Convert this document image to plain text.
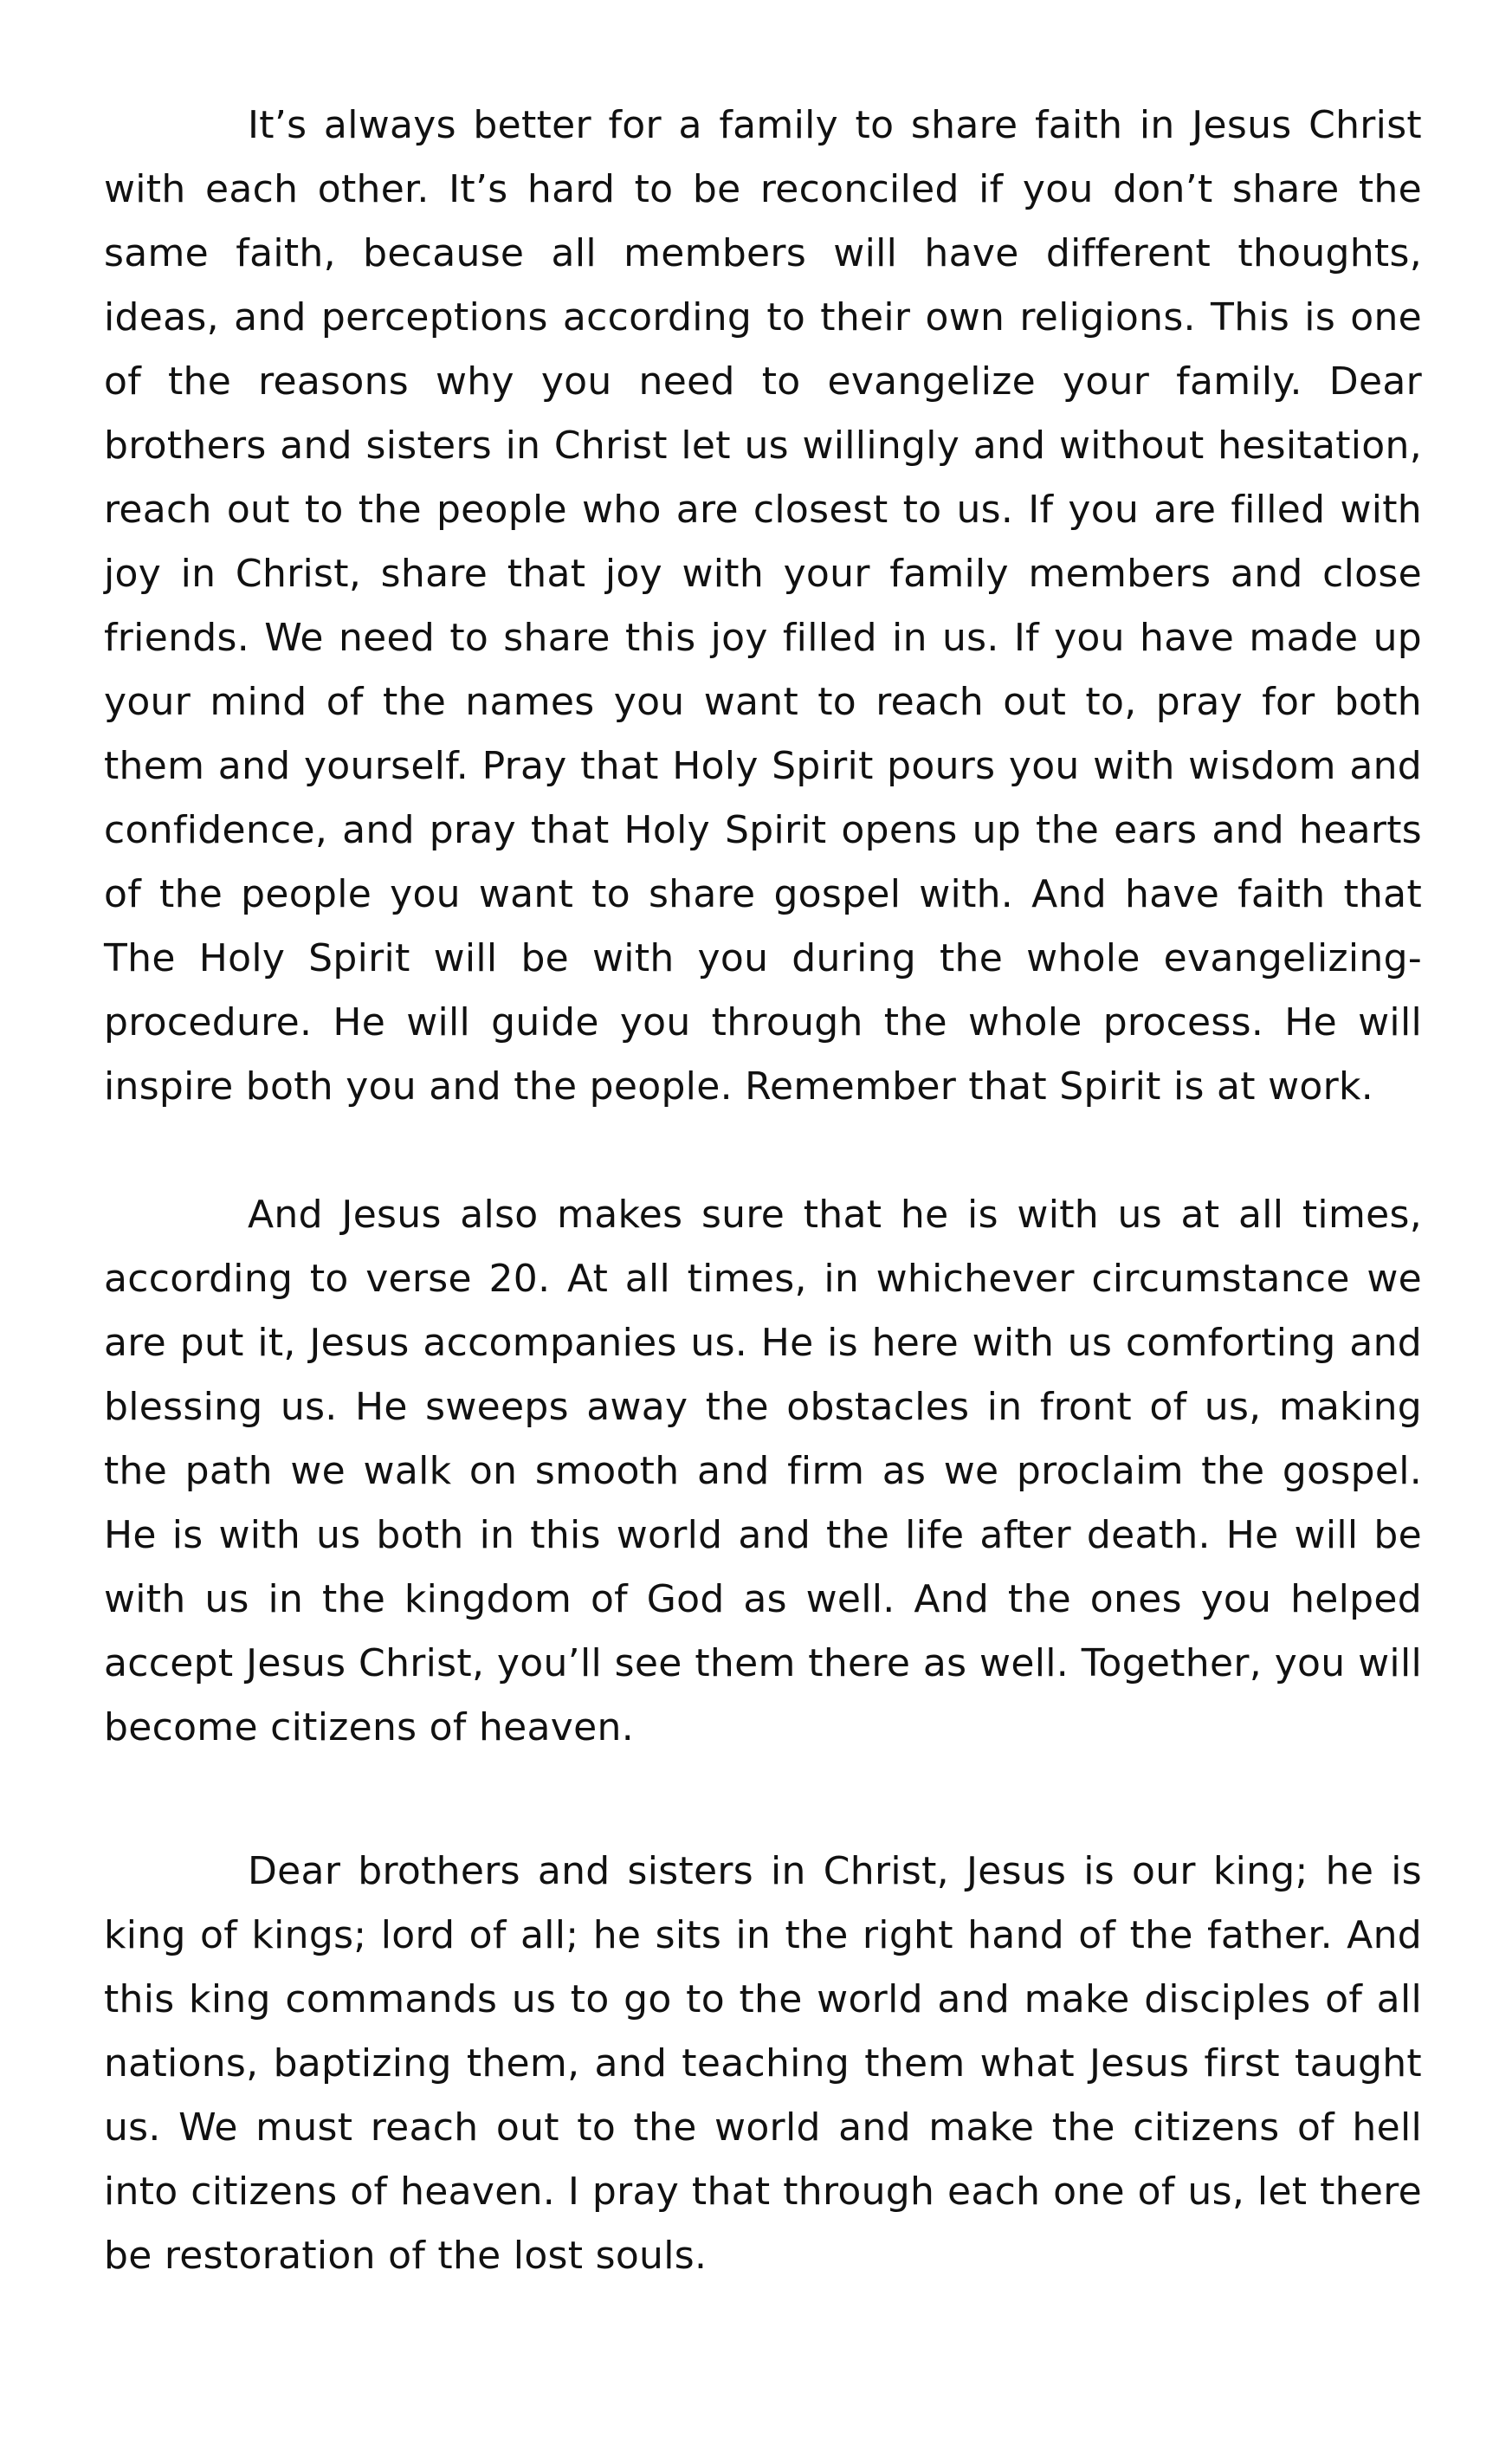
It’s always better for a family to share faith in Jesus Christ with each other. It’s hard to be reconciled if you don’t share the same faith, because all members will have different thoughts, ideas, and perceptions according to their own religions. This is one of the reasons why you need to evangelize your family. Dear brothers and sisters in Christ let us willingly and without hesitation, reach out to the people who are closest to us. If you are filled with joy in Christ, share that joy with your family members and close friends. We need to share this joy filled in us. If you have made up your mind of the names you want to reach out to, pray for both them and yourself. Pray that Holy Spirit pours you with wisdom and confidence, and pray that Holy Spirit opens up the ears and hearts of the people you want to share gospel with. And have faith that The Holy Spirit will be with you during the whole evangelizing-procedure. He will guide you through the whole process. He will inspire both you and the people. Remember that Spirit is at work.

And Jesus also makes sure that he is with us at all times, according to verse 20. At all times, in whichever circumstance we are put it, Jesus accompanies us. He is here with us comforting and blessing us. He sweeps away the obstacles in front of us, making the path we walk on smooth and firm as we proclaim the gospel. He is with us both in this world and the life after death. He will be with us in the kingdom of God as well. And the ones you helped accept Jesus Christ, you’ll see them there as well. Together, you will become citizens of heaven.

Dear brothers and sisters in Christ, Jesus is our king; he is king of kings; lord of all; he sits in the right hand of the father. And this king commands us to go to the world and make disciples of all nations, baptizing them, and teaching them what Jesus first taught us. We must reach out to the world and make the citizens of hell into citizens of heaven. I pray that through each one of us, let there be restoration of the lost souls.
